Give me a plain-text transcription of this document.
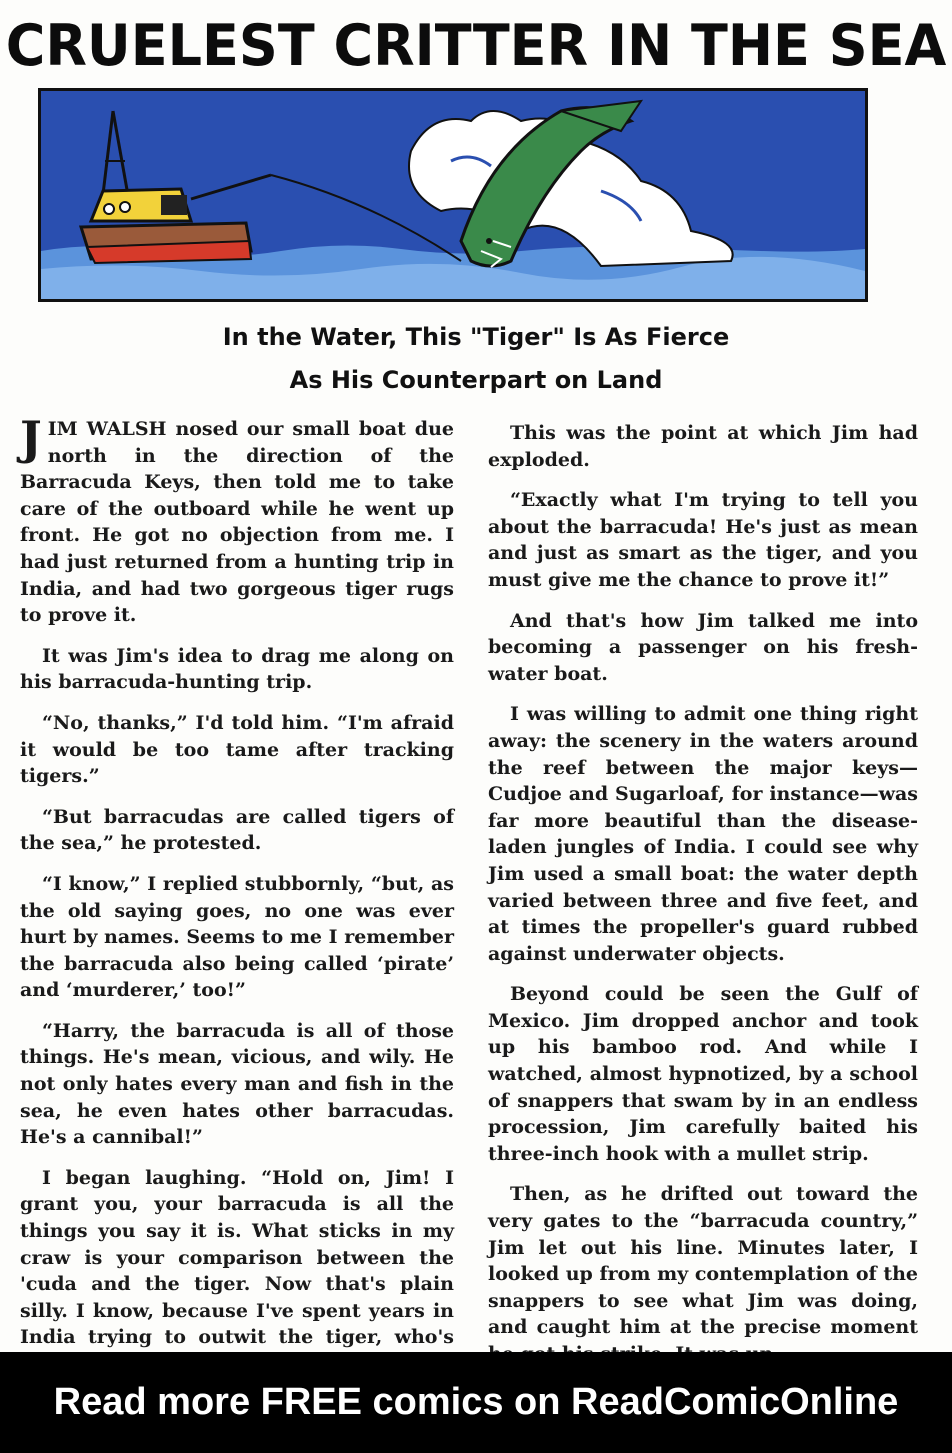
CRUELEST CRITTER IN THE SEA
In the Water, This "Tiger" Is As Fierce
As His Counterpart on Land

JIM WALSH nosed our small boat due north in the direction of the Barracuda Keys, then told me to take care of the outboard while he went up front. He got no objection from me. I had just returned from a hunting trip in India, and had two gorgeous tiger rugs to prove it.

It was Jim's idea to drag me along on his barracuda-hunting trip.

“No, thanks,” I'd told him. “I'm afraid it would be too tame after tracking tigers.”

“But barracudas are called tigers of the sea,” he protested.

“I know,” I replied stubbornly, “but, as the old saying goes, no one was ever hurt by names. Seems to me I remember the barracuda also being called ‘pirate’ and ‘murderer,’ too!”

“Harry, the barracuda is all of those things. He's mean, vicious, and wily. He not only hates every man and fish in the sea, he even hates other barracudas. He's a cannibal!”

I began laughing. “Hold on, Jim! I grant you, your barracuda is all the things you say it is. What sticks in my craw is your comparison between the 'cuda and the tiger. Now that's plain silly. I know, because I've spent years in India trying to outwit the tiger, who's

This was the point at which Jim had exploded.

“Exactly what I'm trying to tell you about the barracuda! He's just as mean and just as smart as the tiger, and you must give me the chance to prove it!”

And that's how Jim talked me into becoming a passenger on his fresh-water boat.

I was willing to admit one thing right away: the scenery in the waters around the reef between the major keys—Cudjoe and Sugarloaf, for instance—was far more beautiful than the disease-laden jungles of India. I could see why Jim used a small boat: the water depth varied between three and five feet, and at times the propeller's guard rubbed against underwater objects.

Beyond could be seen the Gulf of Mexico. Jim dropped anchor and took up his bamboo rod. And while I watched, almost hypnotized, by a school of snappers that swam by in an endless procession, Jim carefully baited his three-inch hook with a mullet strip.

Then, as he drifted out toward the very gates to the “barracuda country,” Jim let out his line. Minutes later, I looked up from my contemplation of the snappers to see what Jim was doing, and caught him at the precise moment

Read more FREE comics on ReadComicOnline
